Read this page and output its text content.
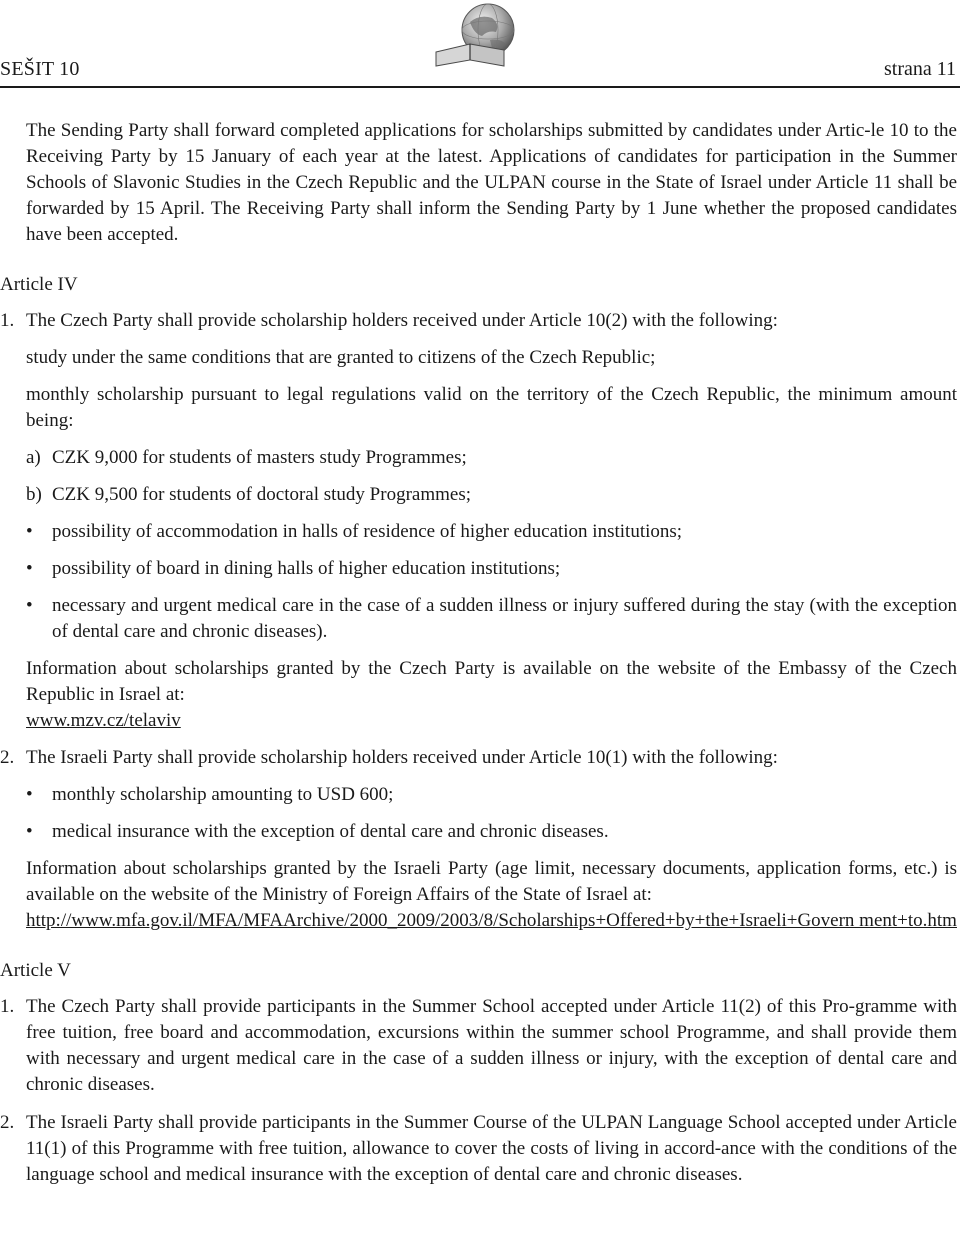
SEŠIT 10	strana 11

The Sending Party shall forward completed applications for scholarships submitted by candidates under Artic-le 10 to the Receiving Party by 15 January of each year at the latest. Applications of candidates for participation in the Summer Schools of Slavonic Studies in the Czech Republic and the ULPAN course in the State of Israel under Article 11 shall be forwarded by 15 April. The Receiving Party shall inform the Sending Party by 1 June whether the proposed candidates have been accepted.

Article IV

1. The Czech Party shall provide scholarship holders received under Article 10(2) with the following:

study under the same conditions that are granted to citizens of the Czech Republic;

monthly scholarship pursuant to legal regulations valid on the territory of the Czech Republic, the minimum amount being:

a) CZK 9,000 for students of masters study Programmes;
b) CZK 9,500 for students of doctoral study Programmes;
•	possibility of accommodation in halls of residence of higher education institutions;
•	possibility of board in dining halls of higher education institutions;
•	necessary and urgent medical care in the case of a sudden illness or injury suffered during the stay (with the exception of dental care and chronic diseases).

Information about scholarships granted by the Czech Party is available on the website of the Embassy of the Czech Republic in Israel at:

www.mzv.cz/telaviv

2. The Israeli Party shall provide scholarship holders received under Article 10(1) with the following:

•	monthly scholarship amounting to USD 600;
•	medical insurance with the exception of dental care and chronic diseases.

Information about scholarships granted by the Israeli Party (age limit, necessary documents, application forms, etc.) is available on the website of the Ministry of Foreign Affairs of the State of Israel at:

http://www.mfa.gov.il/MFA/MFAArchive/2000_2009/2003/8/Scholarships+Offered+by+the+Israeli+Govern ment+to.htm

Article V

1. The Czech Party shall provide participants in the Summer School accepted under Article 11(2) of this Pro-gramme with free tuition, free board and accommodation, excursions within the summer school Programme, and shall provide them with necessary and urgent medical care in the case of a sudden illness or injury, with the exception of dental care and chronic diseases.

2. The Israeli Party shall provide participants in the Summer Course of the ULPAN Language School accepted under Article 11(1) of this Programme with free tuition, allowance to cover the costs of living in accord-ance with the conditions of the language school and medical insurance with the exception of dental care and chronic diseases.
